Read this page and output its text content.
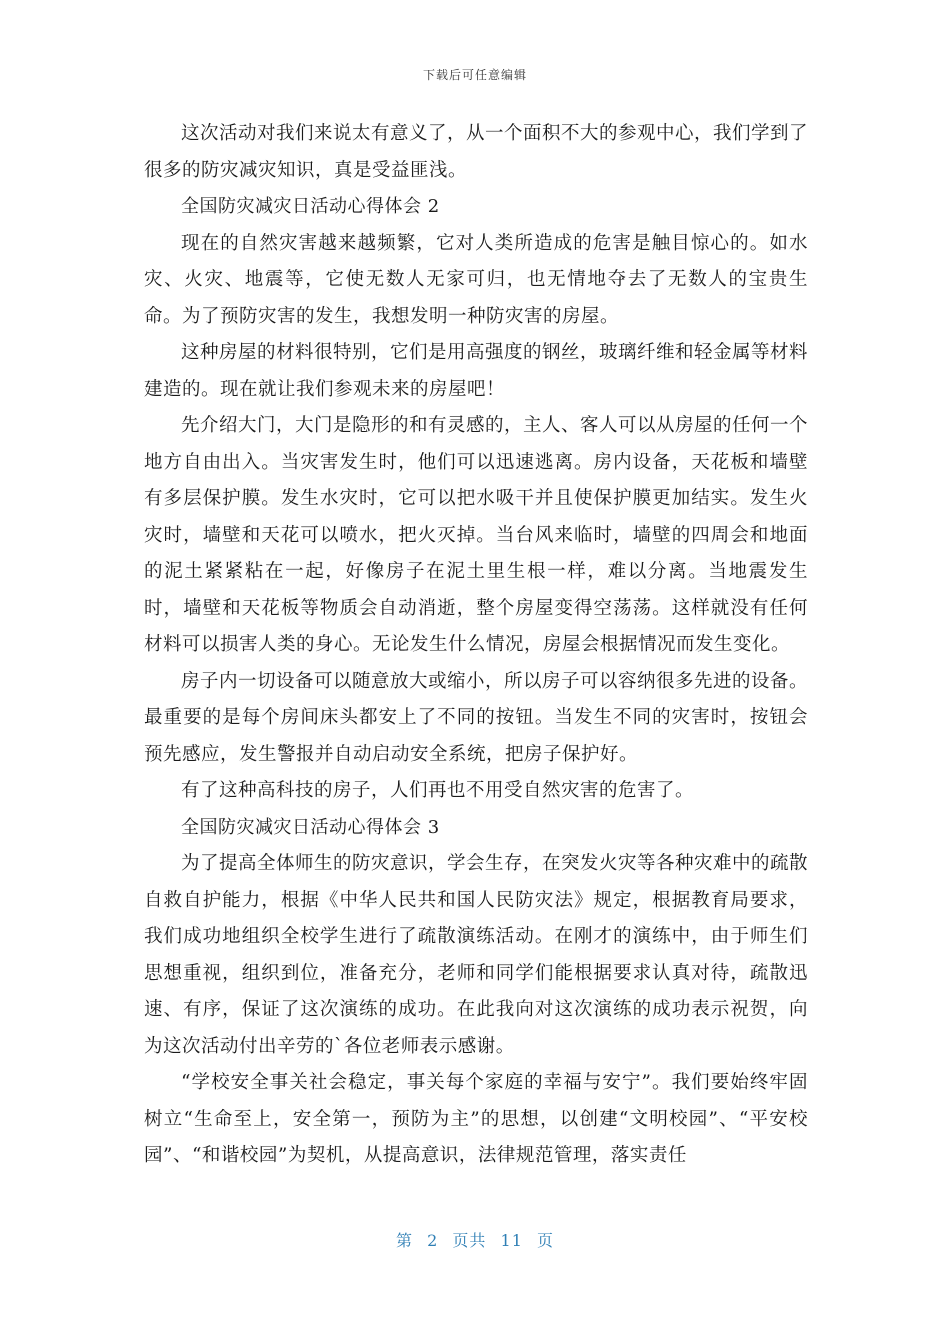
下载后可任意编辑

这次活动对我们来说太有意义了，从一个面积不大的参观中心，我们学到了很多的防灾减灾知识，真是受益匪浅。

全国防灾减灾日活动心得体会 2

现在的自然灾害越来越频繁，它对人类所造成的危害是触目惊心的。如水灾、火灾、地震等，它使无数人无家可归，也无情地夺去了无数人的宝贵生命。为了预防灾害的发生，我想发明一种防灾害的房屋。

这种房屋的材料很特别，它们是用高强度的钢丝，玻璃纤维和轻金属等材料建造的。现在就让我们参观未来的房屋吧！

先介绍大门，大门是隐形的和有灵感的，主人、客人可以从房屋的任何一个地方自由出入。当灾害发生时，他们可以迅速逃离。房内设备，天花板和墙壁有多层保护膜。发生水灾时，它可以把水吸干并且使保护膜更加结实。发生火灾时，墙壁和天花可以喷水，把火灭掉。当台风来临时，墙壁的四周会和地面的泥土紧紧粘在一起，好像房子在泥土里生根一样，难以分离。当地震发生时，墙壁和天花板等物质会自动消逝，整个房屋变得空荡荡。这样就没有任何材料可以损害人类的身心。无论发生什么情况，房屋会根据情况而发生变化。

房子内一切设备可以随意放大或缩小，所以房子可以容纳很多先进的设备。最重要的是每个房间床头都安上了不同的按钮。当发生不同的灾害时，按钮会预先感应，发生警报并自动启动安全系统，把房子保护好。

有了这种高科技的房子，人们再也不用受自然灾害的危害了。

全国防灾减灾日活动心得体会 3

为了提高全体师生的防灾意识，学会生存，在突发火灾等各种灾难中的疏散自救自护能力，根据《中华人民共和国人民防灾法》规定，根据教育局要求，我们成功地组织全校学生进行了疏散演练活动。在刚才的演练中，由于师生们思想重视，组织到位，准备充分，老师和同学们能根据要求认真对待，疏散迅速、有序，保证了这次演练的成功。在此我向对这次演练的成功表示祝贺，向为这次活动付出辛劳的`各位老师表示感谢。

“学校安全事关社会稳定，事关每个家庭的幸福与安宁”。我们要始终牢固树立“生命至上，安全第一，预防为主”的思想，以创建“文明校园”、“平安校园”、“和谐校园”为契机，从提高意识，法律规范管理，落实责任

第 2 页共 11 页
